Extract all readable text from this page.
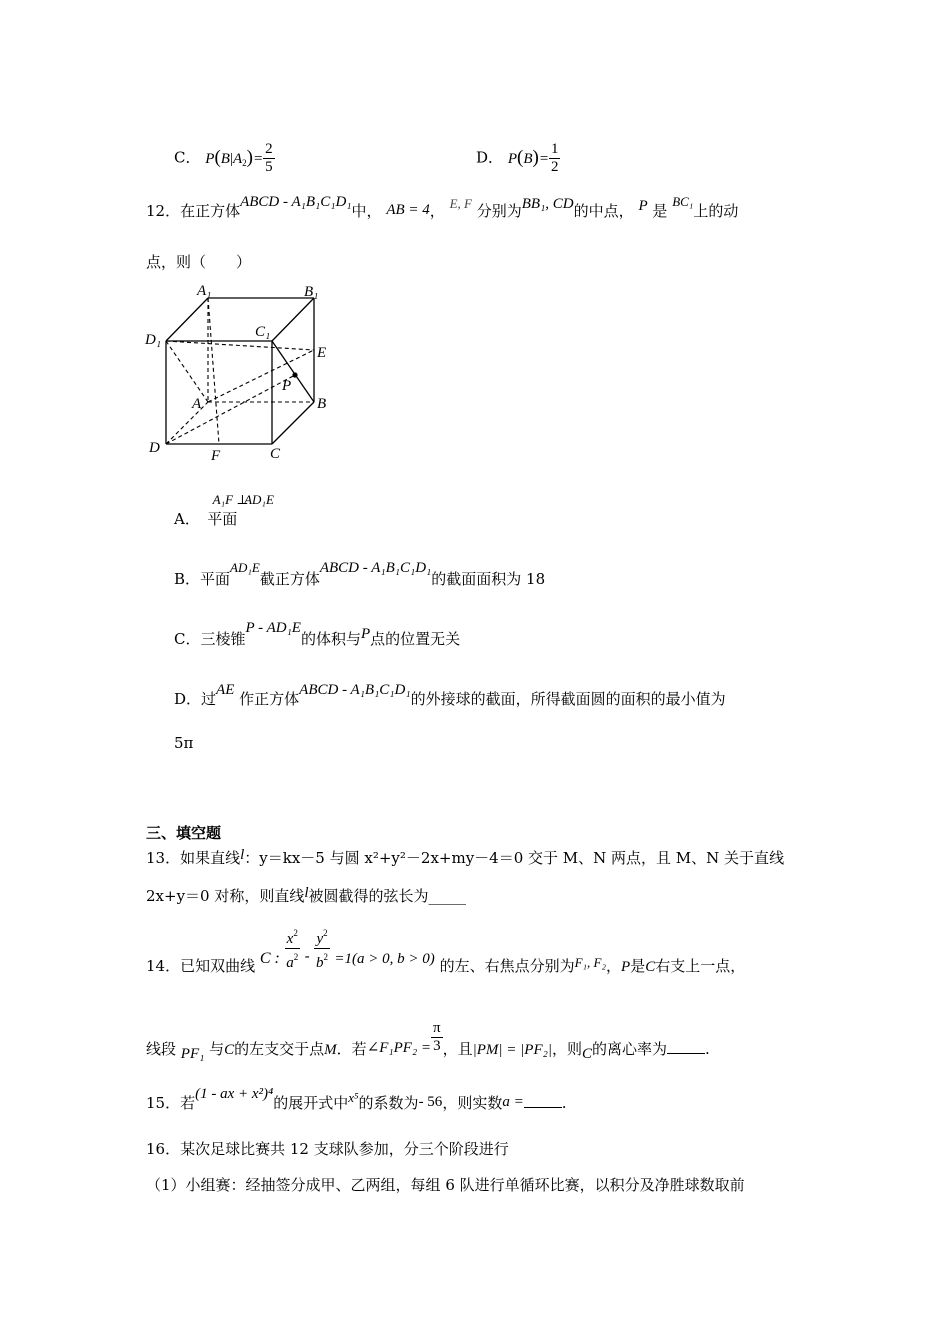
C． $P(B|A_2)= \frac{2}{5}$	D． $P(B)= \frac{1}{2}$
12．在正方体ABCD - A₁B₁C₁D₁中， AB = 4， E, F 分别为BB₁, CD的中点， P 是 BC₁上的动
点，则（　　）
A₁	B₁
C₁
D₁
A	B
C
D
E
F
P
A． A₁F ⊥ 平面 AD₁E
B．平面AD₁E截正方体ABCD - A₁B₁C₁D₁的截面面积为 18
C．三棱锥P - AD₁E的体积与P点的位置无关
D．过AE 作正方体ABCD - A₁B₁C₁D₁的外接球的截面，所得截面圆的面积的最小值为
5π
三、填空题
13．如果直线l：y＝kx－5 与圆 x²+y²－2x+my－4＝0 交于 M、N 两点，且 M、N 关于直线
2x+y＝0 对称，则直线l被圆截得的弦长为_____
14．已知双曲线 C : $\frac{x^2}{a^2} - \frac{y^2}{b^2} =1(a > 0$, b > 0) 的左、右焦点分别为F₁, F₂，P是C右支上一点，
线段 PF₁ 与C的左支交于点M．若∠F₁PF₂ = $\frac{\pi}{3}$ ，且|PM| = |PF₂|，则C的离心率为	.
15．若(1 - ax + x²)⁴的展开式中x⁵的系数为- 56，则实数a =	.
16．某次足球比赛共 12 支球队参加，分三个阶段进行
（1）小组赛：经抽签分成甲、乙两组，每组 6 队进行单循环比赛，以积分及净胜球数取前
